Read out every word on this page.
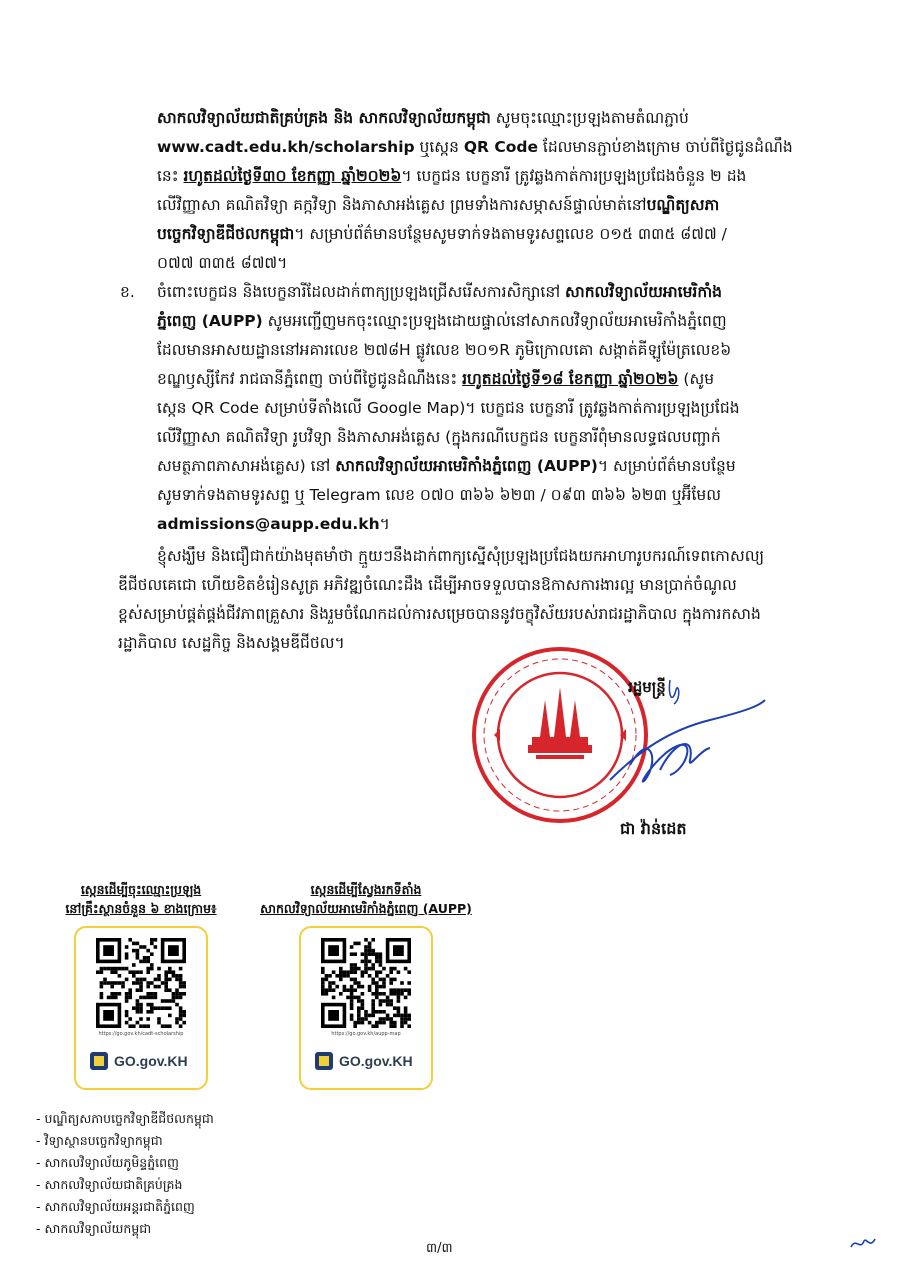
សាកលវិទ្យាល័យជាតិគ្រប់គ្រង និង សាកលវិទ្យាល័យកម្ពុជា សូមចុះឈ្មោះប្រឡងតាមតំណភ្ជាប់
www.cadt.edu.kh/scholarship ឬស្កេន QR Code ដែលមានភ្ជាប់ខាងក្រោម ចាប់ពីថ្ងៃជូនដំណឹង
នេះ រហូតដល់ថ្ងៃទី៣០ ខែកញ្ញា ឆ្នាំ២០២៦។ បេក្ខជន បេក្ខនារី ត្រូវឆ្លងកាត់ការប្រឡងប្រជែងចំនួន ២ ដង
លើវិញ្ញាសា គណិតវិទ្យា គក្កវិទ្យា និងភាសាអង់គ្លេស ព្រមទាំងការសម្ភាសន៍ផ្ទាល់មាត់នៅបណ្ឌិត្យសភា
បច្ចេកវិទ្យាឌីជីថលកម្ពុជា។ សម្រាប់ព័ត៌មានបន្ថែមសូមទាក់ទងតាមទូរសព្ទលេខ ០១៥ ៣៣៥ ៨៧៧ /
០៧៧ ៣៣៥ ៨៧៧។
ខ. ចំពោះបេក្ខជន និងបេក្ខនារីដែលដាក់ពាក្យប្រឡងជ្រើសរើសការសិក្សានៅ សាកលវិទ្យាល័យអាមេរិកាំង
ភ្នំពេញ (AUPP) សូមអញ្ជើញមកចុះឈ្មោះប្រឡងដោយផ្ទាល់នៅសាកលវិទ្យាល័យអាមេរិកាំងភ្នំពេញ
ដែលមានអាសយដ្ឋាននៅអគារលេខ ២៧៨H ផ្លូវលេខ ២០១R ភូមិក្រោលគោ សង្កាត់គីឡូម៉ែត្រលេខ៦
ខណ្ឌឫស្សីកែវ រាជធានីភ្នំពេញ ចាប់ពីថ្ងៃជូនដំណឹងនេះ រហូតដល់ថ្ងៃទី១៨ ខែកញ្ញា ឆ្នាំ២០២៦ (សូម
ស្កេន QR Code សម្រាប់ទីតាំងលើ Google Map)។ បេក្ខជន បេក្ខនារី ត្រូវឆ្លងកាត់ការប្រឡងប្រជែង
លើវិញ្ញាសា គណិតវិទ្យា រូបវិទ្យា និងភាសាអង់គ្លេស (ក្នុងករណីបេក្ខជន បេក្ខនារីពុំមានលទ្ធផលបញ្ជាក់
សមត្ថភាពភាសាអង់គ្លេស) នៅ សាកលវិទ្យាល័យអាមេរិកាំងភ្នំពេញ (AUPP)។ សម្រាប់ព័ត៌មានបន្ថែម
សូមទាក់ទងតាមទូរសព្ទ ឬ Telegram លេខ ០៧០ ៣៦៦ ៦២៣ / ០៩៣ ៣៦៦ ៦២៣ ឬអ៊ីមែល
admissions@aupp.edu.kh។
ខ្ញុំសង្ឃឹម និងជឿជាក់យ៉ាងមុតមាំថា ក្មួយៗនឹងដាក់ពាក្យស្នើសុំប្រឡងប្រជែងយកអាហារូបករណ៍ទេពកោសល្យ
ឌីជីថលគេជោ ហើយខិតខំរៀនសូត្រ អភិវឌ្ឍចំណេះដឹង ដើម្បីអាចទទួលបានឱកាសការងារល្អ មានប្រាក់ចំណូល
ខ្ពស់សម្រាប់ផ្គត់ផ្គង់ជីវភាពគ្រួសារ និងរួមចំណែកដល់ការសម្រេចបាននូវចក្ខុវិស័យរបស់រាជរដ្ឋាភិបាល ក្នុងការកសាង
រដ្ឋាភិបាល សេដ្ឋកិច្ច និងសង្គមឌីជីថល។
រដ្ឋមន្ត្រី
ជា វ៉ាន់ដេត
ស្កេនដើម្បីចុះឈ្មោះប្រឡង
នៅគ្រឹះស្ថានចំនួន ៦ ខាងក្រោម៖
https://go.gov.kh/cadt-scholarship
GO.gov.KH
ស្កេនដើម្បីស្វែងរកទីតាំង
សាកលវិទ្យាល័យអាមេរិកាំងភ្នំពេញ (AUPP)
https://go.gov.kh/aupp-map
GO.gov.KH
- បណ្ឌិត្យសភាបច្ចេកវិទ្យាឌីជីថលកម្ពុជា
- វិទ្យាស្ថានបច្ចេកវិទ្យាកម្ពុជា
- សាកលវិទ្យាល័យភូមិន្ទភ្នំពេញ
- សាកលវិទ្យាល័យជាតិគ្រប់គ្រង
- សាកលវិទ្យាល័យអន្តរជាតិភ្នំពេញ
- សាកលវិទ្យាល័យកម្ពុជា
៣/៣
